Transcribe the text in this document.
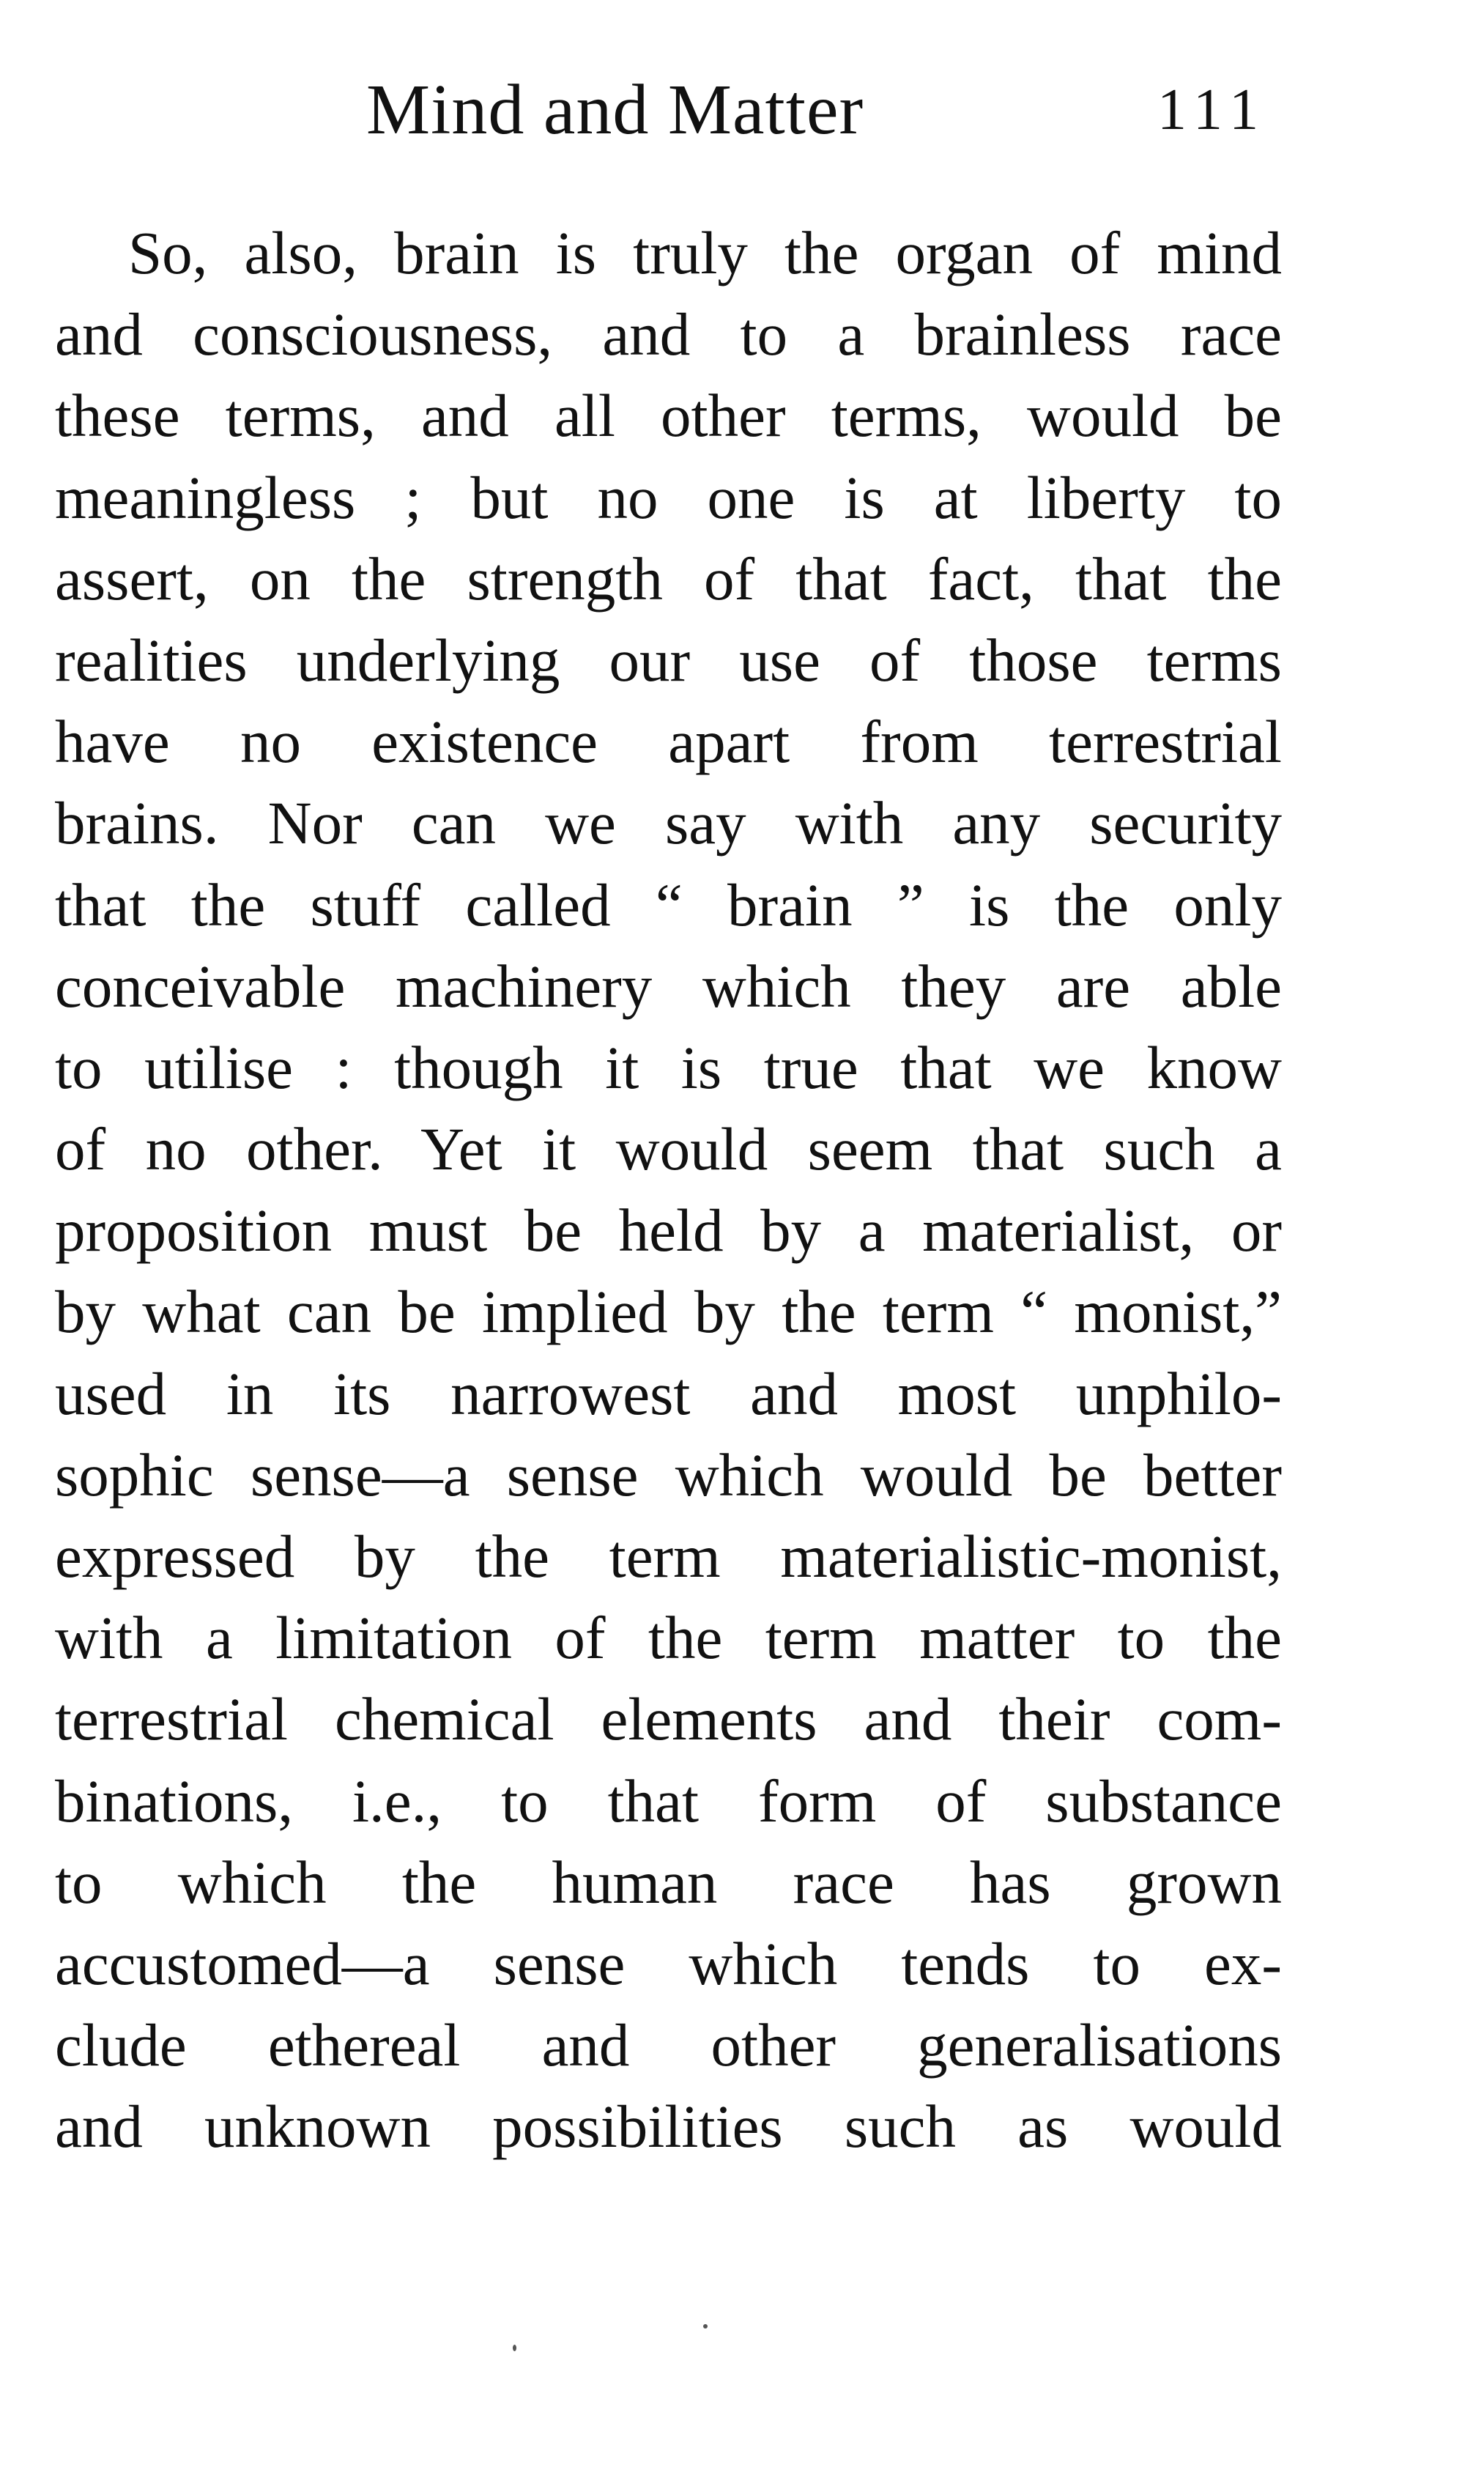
Mind and Matter	111
So, also, brain is truly the organ of mind
and consciousness, and to a brainless race
these terms, and all other terms, would be
meaningless ; but no one is at liberty to
assert, on the strength of that fact, that the
realities underlying our use of those terms
have no existence apart from terrestrial
brains. Nor can we say with any security
that the stuff called “ brain ” is the only
conceivable machinery which they are able
to utilise : though it is true that we know
of no other. Yet it would seem that such a
proposition must be held by a materialist, or
by what can be implied by the term “ monist,”
used in its narrowest and most unphilo-
sophic sense—a sense which would be better
expressed by the term materialistic-monist,
with a limitation of the term matter to the
terrestrial chemical elements and their com-
binations, i.e., to that form of substance
to which the human race has grown
accustomed—a sense which tends to ex-
clude ethereal and other generalisations
and unknown possibilities such as would
